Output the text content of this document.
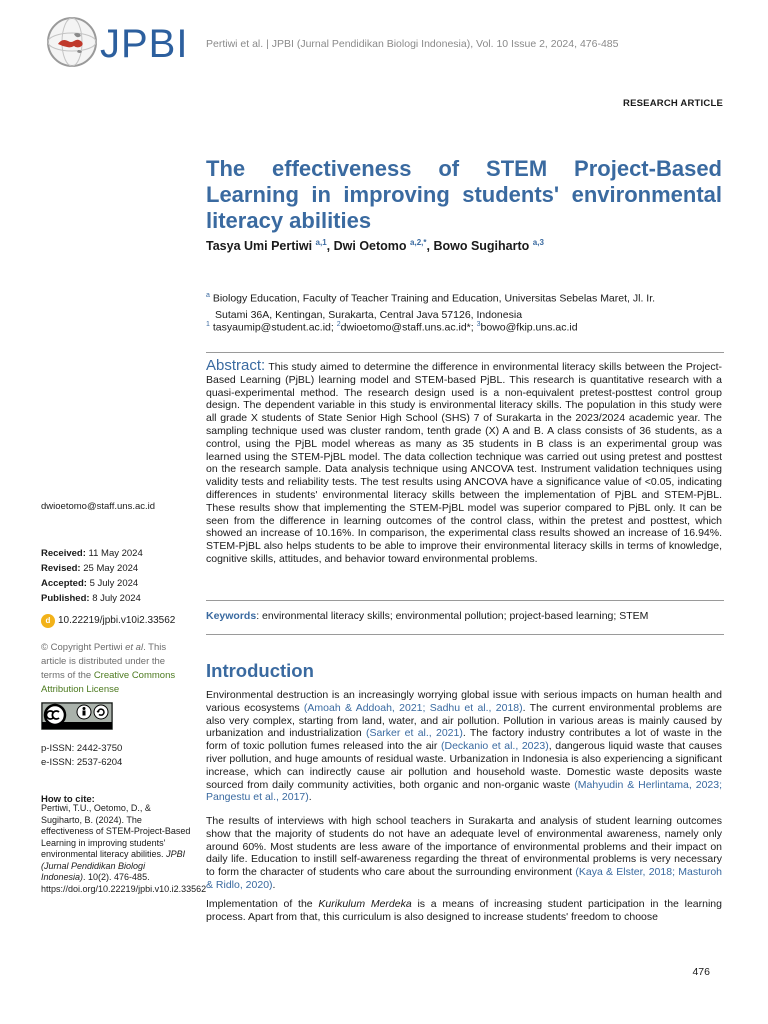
JPBI Pertiwi et al. | JPBI (Jurnal Pendidikan Biologi Indonesia), Vol. 10 Issue 2, 2024, 476-485
RESEARCH ARTICLE
The effectiveness of STEM Project-Based Learning in improving students' environmental literacy abilities
Tasya Umi Pertiwi $^{a,1}$, Dwi Oetomo $^{a,2,*}$, Bowo Sugiharto $^{a,3}$
$^a$ Biology Education, Faculty of Teacher Training and Education, Universitas Sebelas Maret, Jl. Ir.
Sutami 36A, Kentingan, Surakarta, Central Java 57126, Indonesia
$^1$ tasyaumip@student.ac.id; $^2$dwioetomo@staff.uns.ac.id*; $^3$bowo@fkip.uns.ac.id

Abstract: This study aimed to determine the difference in environmental literacy skills between the Project-Based Learning (PjBL) learning model and STEM-based PjBL. This research is quantitative research with a quasi-experimental method. The research design used is a non-equivalent pretest-posttest control group design. The dependent variable in this study is environmental literacy skills. The population in this study were all grade X students of State Senior High School (SHS) 7 of Surakarta in the 2023/2024 academic year. The sampling technique used was cluster random, tenth grade (X) A and B. A class consists of 36 students, as a control, using the PjBL model whereas as many as 35 students in B class is an experimental group was learned using the STEM-PjBL model. The data collection technique was carried out using pretest and posttest on the research sample. Data analysis technique using ANCOVA test. Instrument validation techniques using validity tests and reliability tests. The test results using ANCOVA have a significance value of <0.05, indicating differences in students' environmental literacy skills between the implementation of PjBL and STEM-PjBL. These results show that implementing the STEM-PjBL model was superior compared to PjBL only. It can be seen from the difference in learning outcomes of the control class, within the pretest and posttest, which showed an increase of 10.16%. In comparison, the experimental class results showed an increase of 16.94%. STEM-PjBL also helps students to be able to improve their environmental literacy skills in terms of knowledge, cognitive skills, attitudes, and behavior toward environmental problems.

Keywords: environmental literacy skills; environmental pollution; project-based learning; STEM
dwioetomo@staff.uns.ac.id
Received: 11 May 2024
Revised: 25 May 2024
Accepted: 5 July 2024
Published: 8 July 2024
d 10.22219/jpbi.v10i2.33562
© Copyright Pertiwi et al. This article is distributed under the terms of the Creative Commons Attribution License
p-ISSN: 2442-3750
e-ISSN: 2537-6204
How to cite:
Pertiwi, T.U., Oetomo, D., & Sugiharto, B. (2024). The effectiveness of STEM-Project-Based Learning in improving students' environmental literacy abilities. JPBI (Jurnal Pendidikan Biologi Indonesia). 10(2). 476-485. https://doi.org/10.22219/jpbi.v10.i2.33562
Introduction

Environmental destruction is an increasingly worrying global issue with serious impacts on human health and various ecosystems (Amoah & Addoah, 2021; Sadhu et al., 2018). The current environmental problems are also very complex, starting from land, water, and air pollution. Pollution in various areas is mainly caused by urbanization and industrialization (Sarker et al., 2021). The factory industry contributes a lot of waste in the form of toxic pollution fumes released into the air (Deckanio et al., 2023), dangerous liquid waste that causes river pollution, and huge amounts of residual waste. Urbanization in Indonesia is also experiencing a significant increase, which can indirectly cause air pollution and household waste. Domestic waste deposits waste sourced from daily community activities, both organic and non-organic waste (Mahyudin & Herlintama, 2023; Pangestu et al., 2017).

The results of interviews with high school teachers in Surakarta and analysis of student learning outcomes show that the majority of students do not have an adequate level of environmental awareness, namely only around 60%. Most students are less aware of the importance of environmental problems and their impact on daily life. Education to instill self-awareness regarding the threat of environmental problems is very necessary to form the character of students who care about the surrounding environment (Kaya & Elster, 2018; Masturoh & Ridlo, 2020).

Implementation of the Kurikulum Merdeka is a means of increasing student participation in the learning process. Apart from that, this curriculum is also designed to increase students' freedom to choose

476
